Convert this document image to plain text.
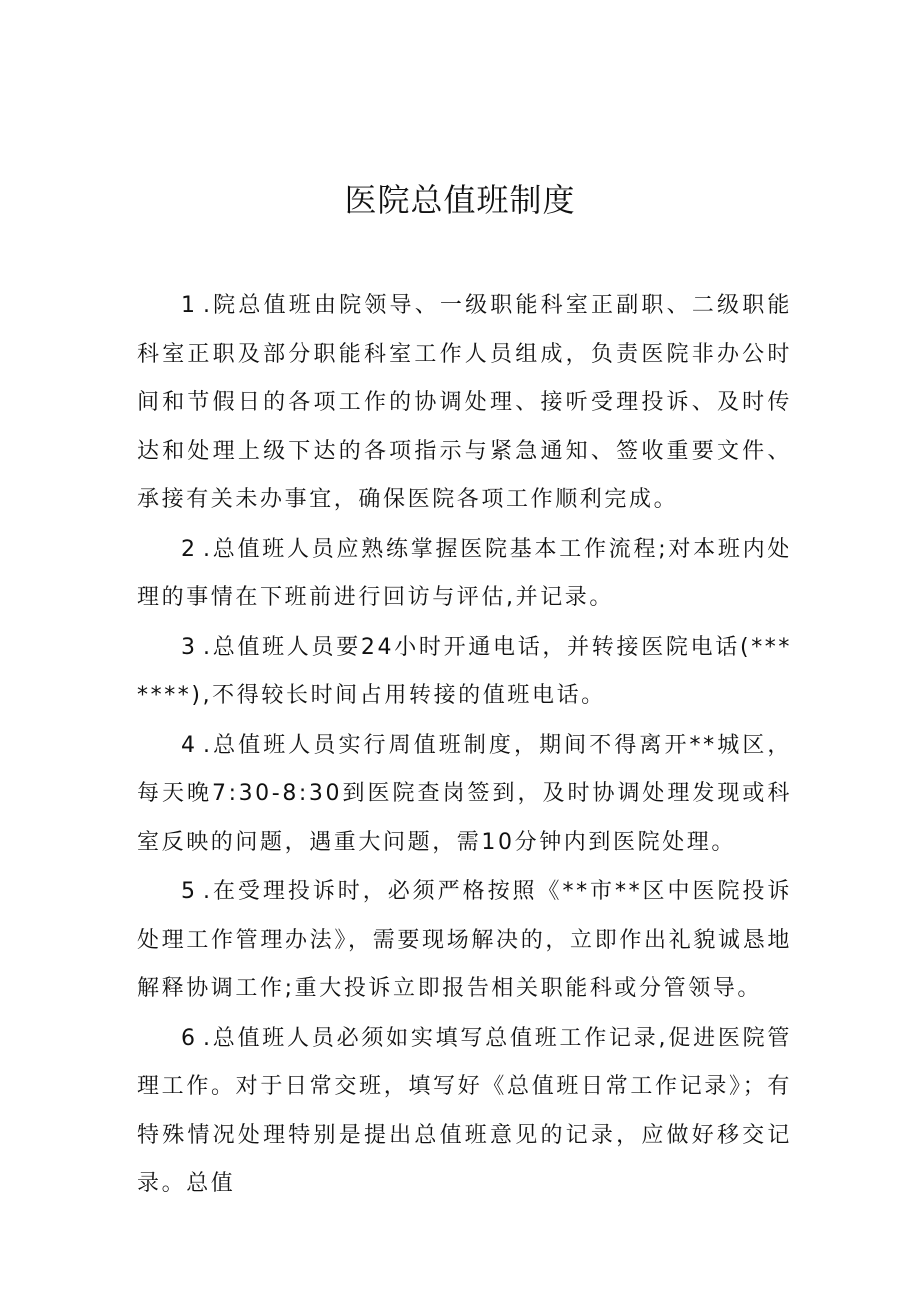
医院总值班制度

1.院总值班由院领导、一级职能科室正副职、二级职能科室正职及部分职能科室工作人员组成，负责医院非办公时间和节假日的各项工作的协调处理、接听受理投诉、及时传达和处理上级下达的各项指示与紧急通知、签收重要文件、承接有关未办事宜，确保医院各项工作顺利完成。

2.总值班人员应熟练掌握医院基本工作流程;对本班内处理的事情在下班前进行回访与评估,并记录。

3.总值班人员要24小时开通电话，并转接医院电话(*******),不得较长时间占用转接的值班电话。

4.总值班人员实行周值班制度，期间不得离开**城区，每天晚7:30-8:30到医院查岗签到，及时协调处理发现或科室反映的问题，遇重大问题，需10分钟内到医院处理。

5.在受理投诉时，必须严格按照《**市**区中医院投诉处理工作管理办法》，需要现场解决的，立即作出礼貌诚恳地解释协调工作;重大投诉立即报告相关职能科或分管领导。

6.总值班人员必须如实填写总值班工作记录,促进医院管理工作。对于日常交班，填写好《总值班日常工作记录》；有特殊情况处理特别是提出总值班意见的记录，应做好移交记录。总值
